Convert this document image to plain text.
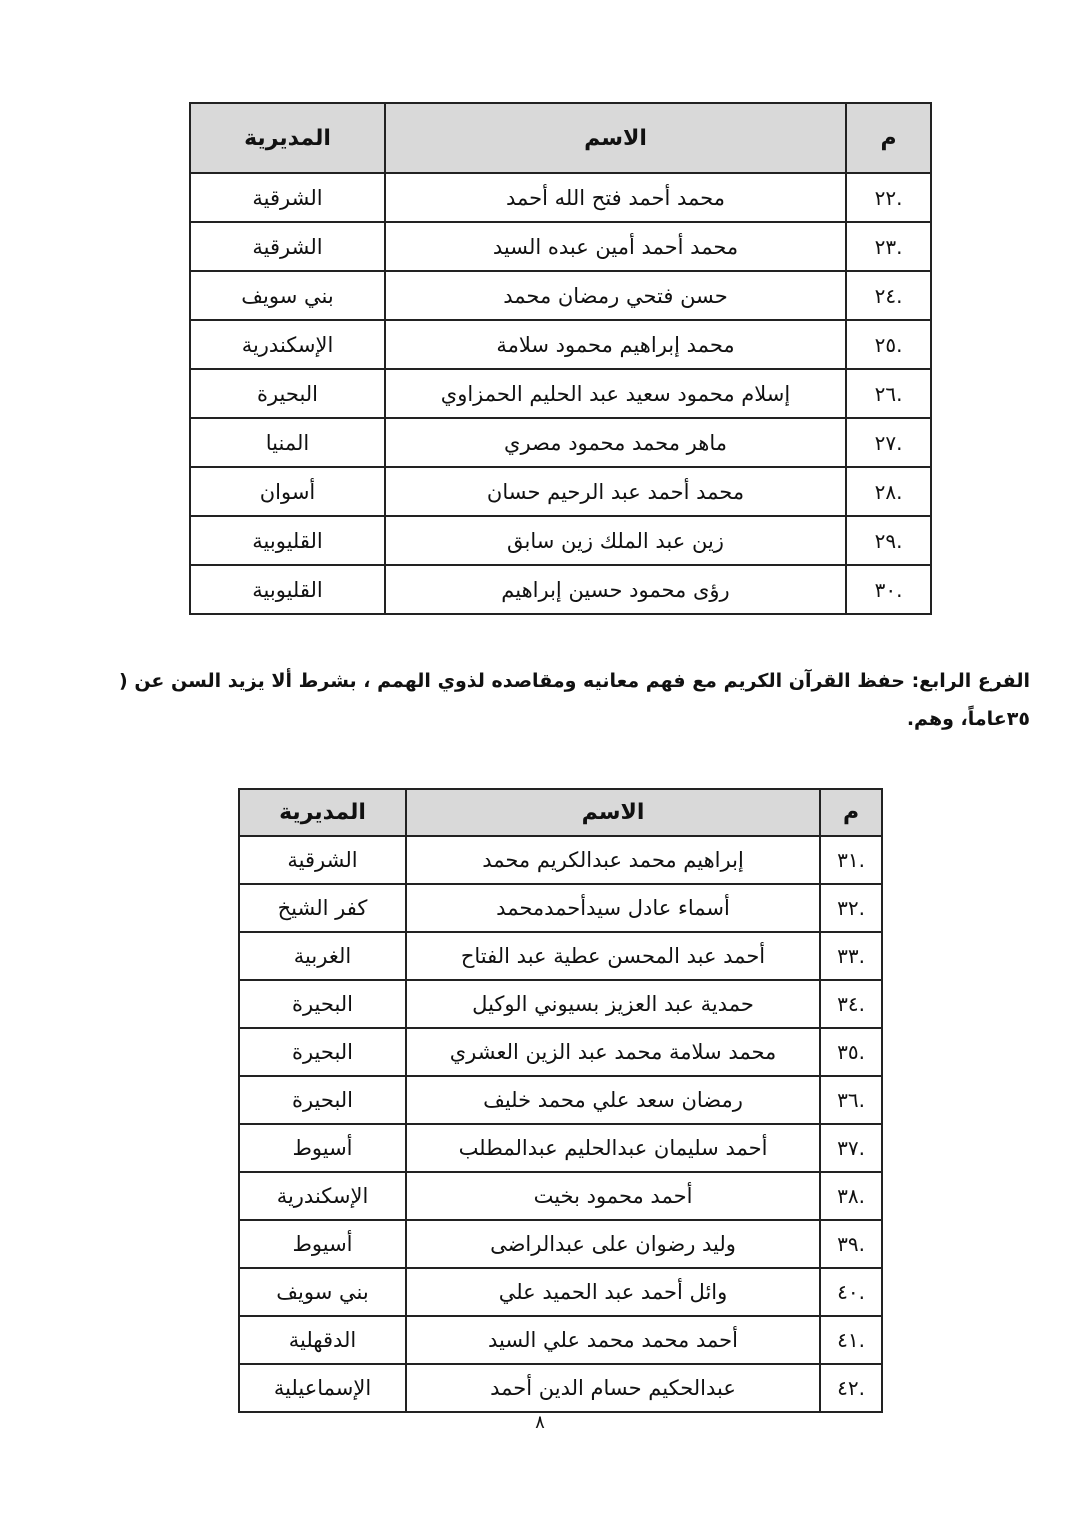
م	الاسم	المديرية
.٢٢	محمد أحمد فتح الله أحمد	الشرقية
.٢٣	محمد أحمد أمين عبده السيد	الشرقية
.٢٤	حسن فتحي رمضان محمد	بني سويف
.٢٥	محمد إبراهيم محمود سلامة	الإسكندرية
.٢٦	إسلام محمود سعيد عبد الحليم الحمزاوي	البحيرة
.٢٧	ماهر محمد محمود مصري	المنيا
.٢٨	محمد أحمد عبد الرحيم حسان	أسوان
.٢٩	زين عبد الملك زين سابق	القليوبية
.٣٠	رؤى محمود حسين إبراهيم	القليوبية
الفرع الرابع: حفظ القرآن الكريم مع فهم معانيه ومقاصده لذوي الهمم ، بشرط ألا يزيد السن عن ( ٣٥عاماً، وهم.
م	الاسم	المديرية
.٣١	إبراهيم محمد عبدالكريم محمد	الشرقية
.٣٢	أسماء عادل سيدأحمدمحمد	كفر الشيخ
.٣٣	أحمد عبد المحسن عطية عبد الفتاح	الغربية
.٣٤	حمدية عبد العزيز بسيوني الوكيل	البحيرة
.٣٥	محمد سلامة محمد عبد الزين العشري	البحيرة
.٣٦	رمضان سعد علي محمد خليف	البحيرة
.٣٧	أحمد سليمان عبدالحليم عبدالمطلب	أسيوط
.٣٨	أحمد محمود بخيت	الإسكندرية
.٣٩	وليد رضوان على عبدالراضى	أسيوط
.٤٠	وائل أحمد عبد الحميد علي	بني سويف
.٤١	أحمد محمد محمد علي السيد	الدقهلية
.٤٢	عبدالحكيم حسام الدين أحمد	الإسماعيلية
٨
